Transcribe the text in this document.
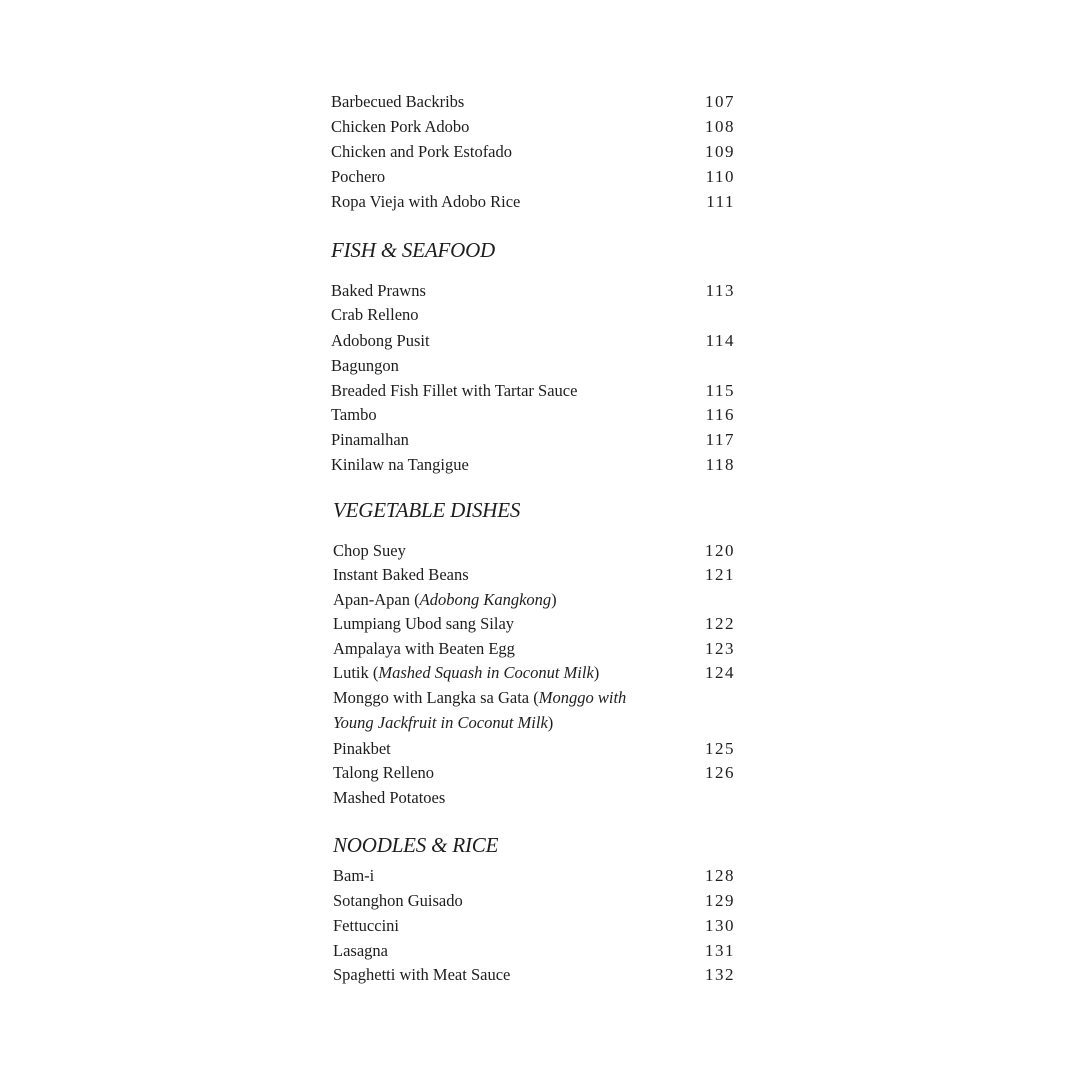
Barbecued Backribs	107
Chicken Pork Adobo	108
Chicken and Pork Estofado	109
Pochero	110
Ropa Vieja with Adobo Rice	111
FISH & SEAFOOD
Baked Prawns	113
Crab Relleno
Adobong Pusit	114
Bagungon
Breaded Fish Fillet with Tartar Sauce	115
Tambo	116
Pinamalhan	117
Kinilaw na Tangigue	118
VEGETABLE DISHES
Chop Suey	120
Instant Baked Beans	121
Apan-Apan (Adobong Kangkong)
Lumpiang Ubod sang Silay	122
Ampalaya with Beaten Egg	123
Lutik (Mashed Squash in Coconut Milk)	124
Monggo with Langka sa Gata (Monggo with
Young Jackfruit in Coconut Milk)
Pinakbet	125
Talong Relleno	126
Mashed Potatoes
NOODLES & RICE
Bam-i	128
Sotanghon Guisado	129
Fettuccini	130
Lasagna	131
Spaghetti with Meat Sauce	132
